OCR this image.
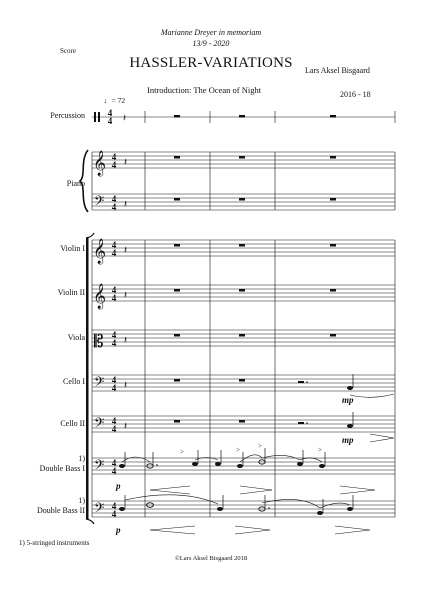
Marianne Dreyer in memoriam
13/9 - 2020
Score
HASSLER-VARIATIONS	Lars Aksel Bisgaard
Introduction: The Ocean of Night	2016 - 18
♩= 72
Percussion
Piano
Violin I
Violin II
Viola
Cello I
Cello II
1)
Double Bass I
1)
Double Bass II
𝄞
𝄞
𝄞
𝄢
𝄢
𝄢
𝄢
𝄢
𝄡
4
4
4
4
4
4
4
4
4
4
4
4
4
4
4
4
4
4
4
4
𝄽
𝄽
𝄽
𝄽
𝄽
𝄽
𝄽
𝄽
>	>	>	>
mp
mp
p
p
1) 5-stringed instruments
©Lars Aksel Bisgaard 2018
